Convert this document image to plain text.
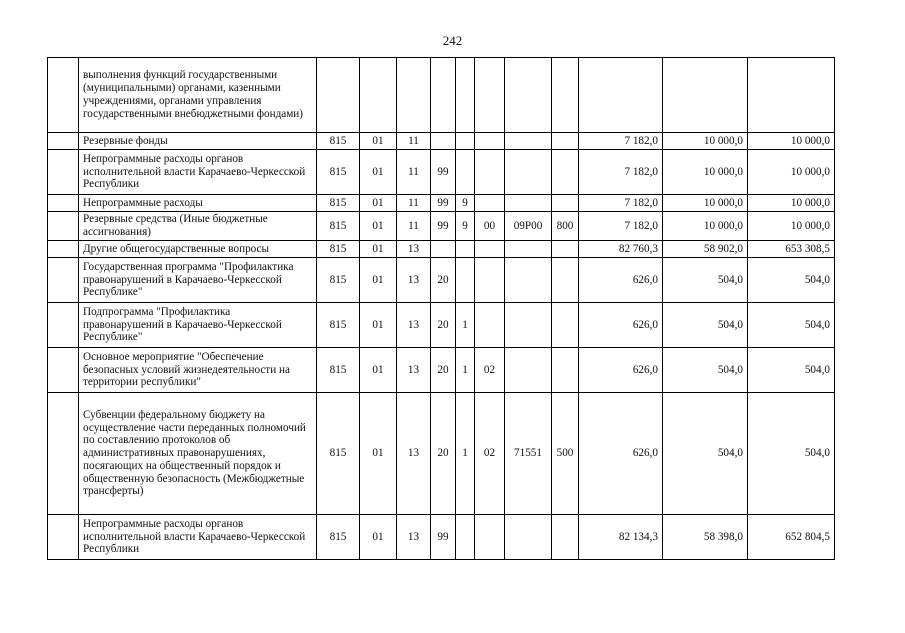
242
	выполнения функций государственными (муниципальными) органами, казенными учреждениями, органами управления государственными внебюджетными фондами)											
	Резервные фонды	815	01	11						7 182,0	10 000,0	10 000,0
	Непрограммные расходы органов исполнительной власти Карачаево-Черкесской Республики	815	01	11	99					7 182,0	10 000,0	10 000,0
	Непрограммные расходы	815	01	11	99	9				7 182,0	10 000,0	10 000,0
	Резервные средства (Иные бюджетные ассигнования)	815	01	11	99	9	00	09Р00	800	7 182,0	10 000,0	10 000,0
	Другие общегосударственные вопросы	815	01	13						82 760,3	58 902,0	653 308,5
	Государственная программа "Профилактика правонарушений в Карачаево-Черкесской Республике"	815	01	13	20					626,0	504,0	504,0
	Подпрограмма "Профилактика правонарушений в Карачаево-Черкесской Республике"	815	01	13	20	1				626,0	504,0	504,0
	Основное мероприятие "Обеспечение безопасных условий жизнедеятельности на территории республики"	815	01	13	20	1	02			626,0	504,0	504,0
	Субвенции федеральному бюджету на осуществление части переданных полномочий по составлению протоколов об административных правонарушениях, посягающих на общественный порядок и общественную безопасность (Межбюджетные трансферты)	815	01	13	20	1	02	71551	500	626,0	504,0	504,0
	Непрограммные расходы органов исполнительной власти Карачаево-Черкесской Республики	815	01	13	99					82 134,3	58 398,0	652 804,5
